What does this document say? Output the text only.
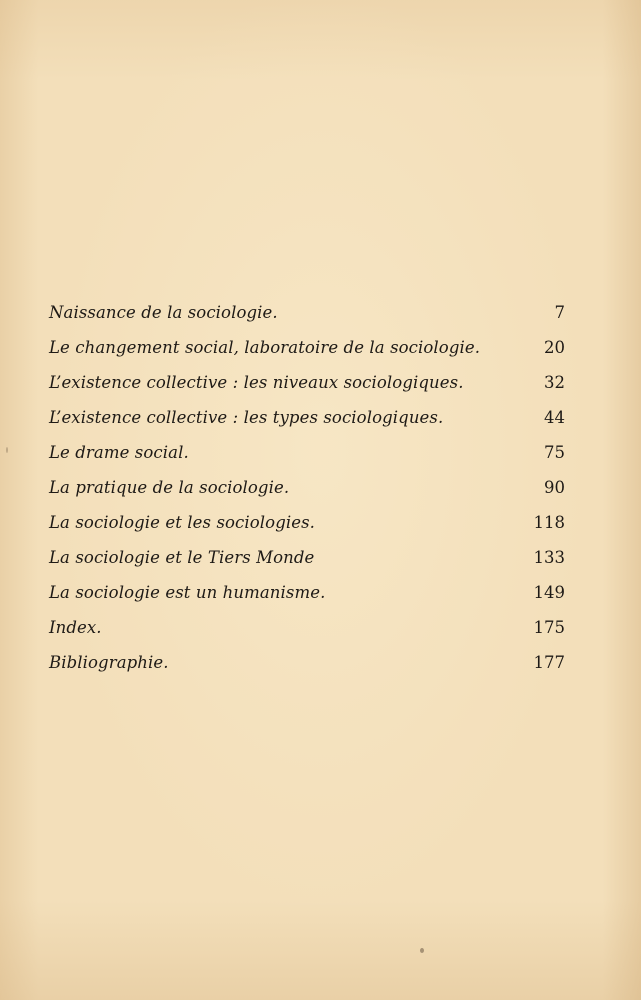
Naissance de la sociologie.	7
Le changement social, laboratoire de la sociologie.	20
L’existence collective : les niveaux sociologiques.	32
L’existence collective : les types sociologiques.	44
Le drame social.	75
La pratique de la sociologie.	90
La sociologie et les sociologies.	118
La sociologie et le Tiers Monde	133
La sociologie est un humanisme.	149
Index.	175
Bibliographie.	177
